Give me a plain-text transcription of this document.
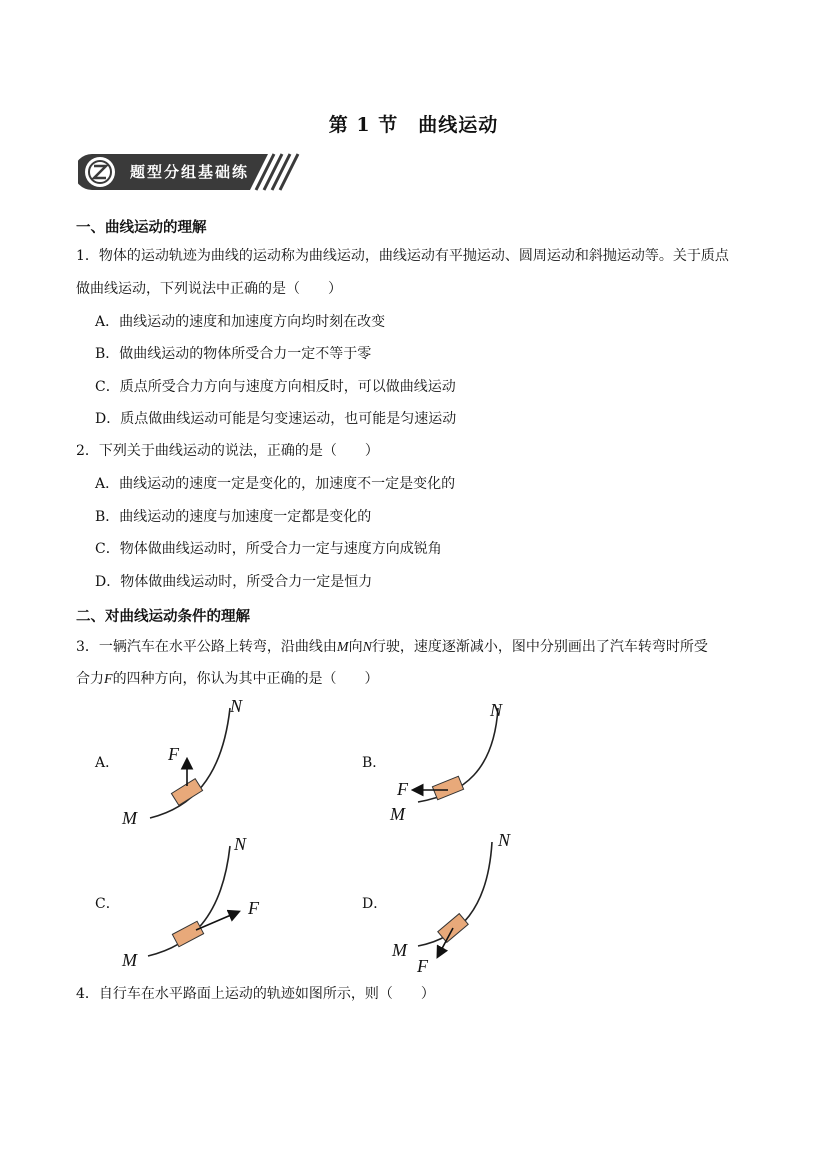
第 1 节　曲线运动
题型分组基础练
一、曲线运动的理解
1．物体的运动轨迹为曲线的运动称为曲线运动，曲线运动有平抛运动、圆周运动和斜抛运动等。关于质点
做曲线运动，下列说法中正确的是（　　）
A．曲线运动的速度和加速度方向均时刻在改变
B．做曲线运动的物体所受合力一定不等于零
C．质点所受合力方向与速度方向相反时，可以做曲线运动
D．质点做曲线运动可能是匀变速运动，也可能是匀速运动
2．下列关于曲线运动的说法，正确的是（　　）
A．曲线运动的速度一定是变化的，加速度不一定是变化的
B．曲线运动的速度与加速度一定都是变化的
C．物体做曲线运动时，所受合力一定与速度方向成锐角
D．物体做曲线运动时，所受合力一定是恒力
二、对曲线运动条件的理解
3．一辆汽车在水平公路上转弯，沿曲线由M向N行驶，速度逐渐减小，图中分别画出了汽车转弯时所受
合力F的四种方向，你认为其中正确的是（　　）
A．	B．
C．	D．
F
M
N
F
M
N
F
M
N
F
M
N
4．自行车在水平路面上运动的轨迹如图所示，则（　　）
